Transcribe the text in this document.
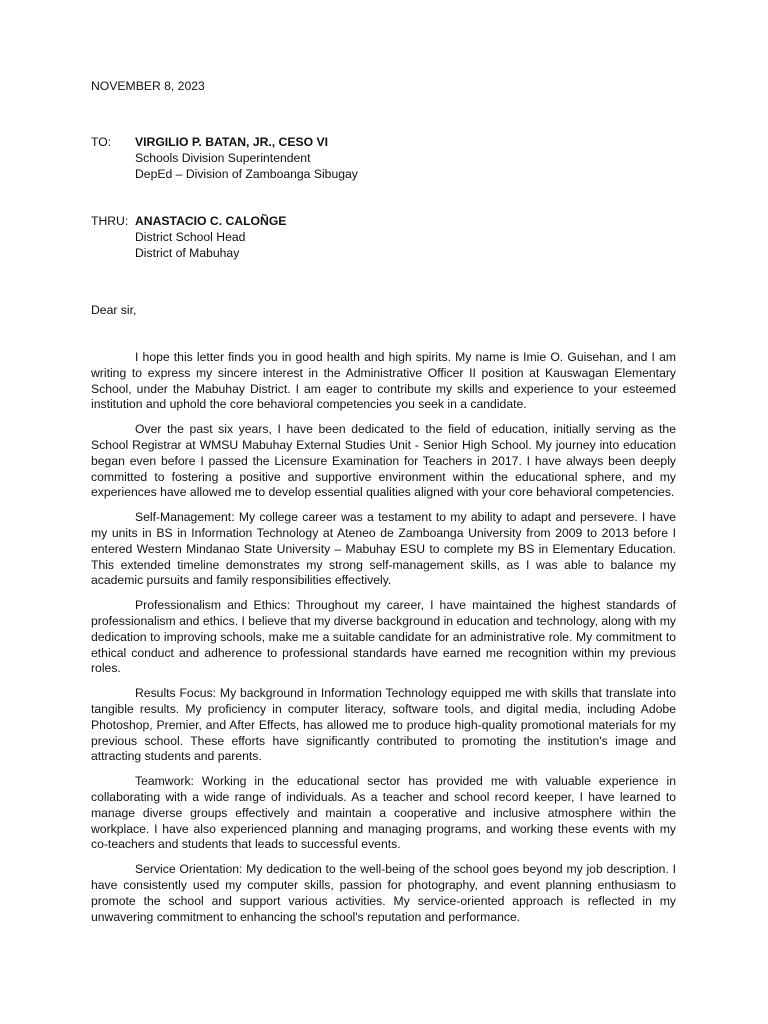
NOVEMBER 8, 2023
TO:	VIRGILIO P. BATAN, JR., CESO VI
Schools Division Superintendent
DepEd – Division of Zamboanga Sibugay
THRU: ANASTACIO C. CALOÑGE
District School Head
District of Mabuhay
Dear sir,

I hope this letter finds you in good health and high spirits. My name is Imie O. Guisehan, and I am writing to express my sincere interest in the Administrative Officer II position at Kauswagan Elementary School, under the Mabuhay District. I am eager to contribute my skills and experience to your esteemed institution and uphold the core behavioral competencies you seek in a candidate.

Over the past six years, I have been dedicated to the field of education, initially serving as the School Registrar at WMSU Mabuhay External Studies Unit - Senior High School. My journey into education began even before I passed the Licensure Examination for Teachers in 2017. I have always been deeply committed to fostering a positive and supportive environment within the educational sphere, and my experiences have allowed me to develop essential qualities aligned with your core behavioral competencies.

Self-Management: My college career was a testament to my ability to adapt and persevere. I have my units in BS in Information Technology at Ateneo de Zamboanga University from 2009 to 2013 before I entered Western Mindanao State University – Mabuhay ESU to complete my BS in Elementary Education. This extended timeline demonstrates my strong self-management skills, as I was able to balance my academic pursuits and family responsibilities effectively.

Professionalism and Ethics: Throughout my career, I have maintained the highest standards of professionalism and ethics. I believe that my diverse background in education and technology, along with my dedication to improving schools, make me a suitable candidate for an administrative role. My commitment to ethical conduct and adherence to professional standards have earned me recognition within my previous roles.

Results Focus: My background in Information Technology equipped me with skills that translate into tangible results. My proficiency in computer literacy, software tools, and digital media, including Adobe Photoshop, Premier, and After Effects, has allowed me to produce high-quality promotional materials for my previous school. These efforts have significantly contributed to promoting the institution's image and attracting students and parents.

Teamwork: Working in the educational sector has provided me with valuable experience in collaborating with a wide range of individuals. As a teacher and school record keeper, I have learned to manage diverse groups effectively and maintain a cooperative and inclusive atmosphere within the workplace. I have also experienced planning and managing programs, and working these events with my co-teachers and students that leads to successful events.

Service Orientation: My dedication to the well-being of the school goes beyond my job description. I have consistently used my computer skills, passion for photography, and event planning enthusiasm to promote the school and support various activities. My service-oriented approach is reflected in my unwavering commitment to enhancing the school's reputation and performance.
